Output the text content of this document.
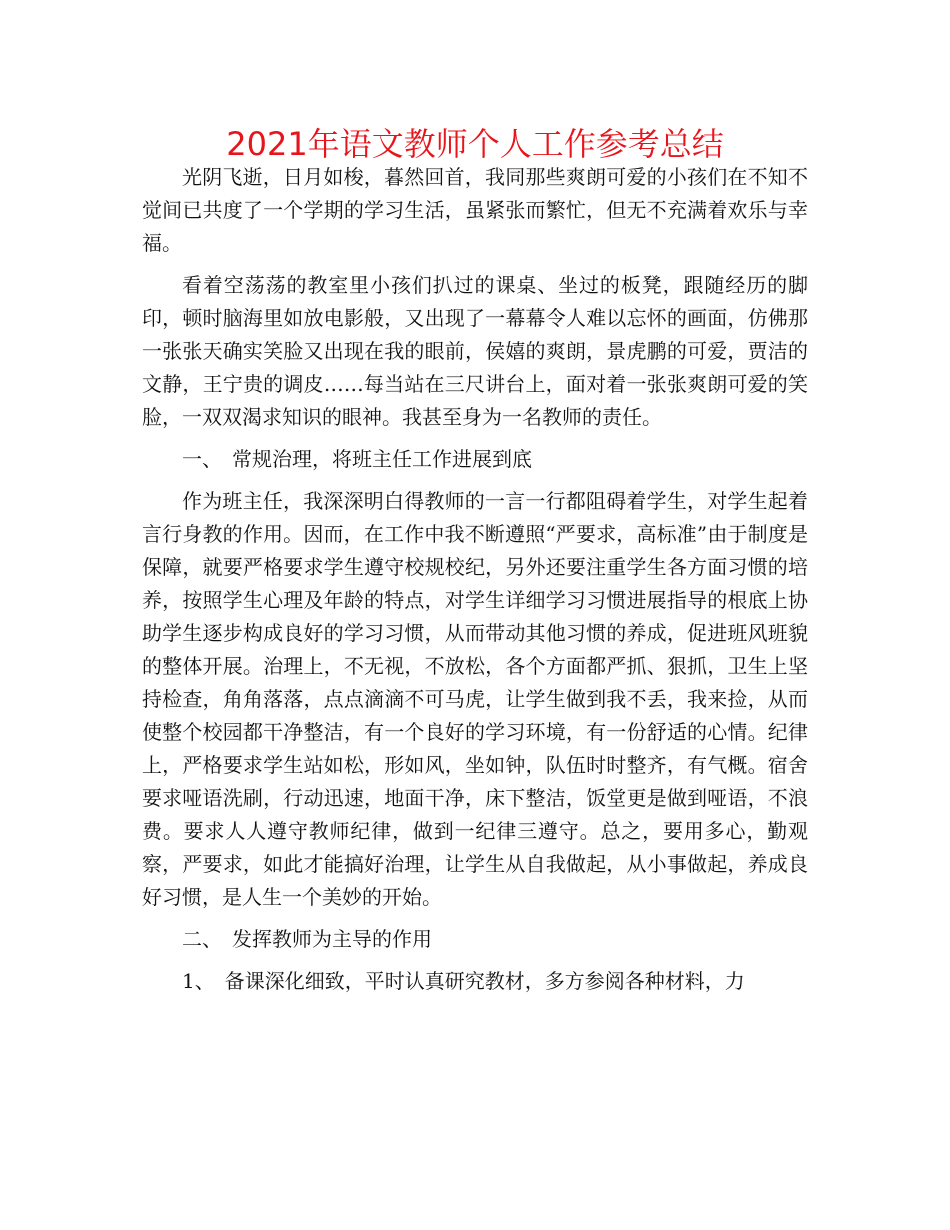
2021年语文教师个人工作参考总结

光阴飞逝，日月如梭，暮然回首，我同那些爽朗可爱的小孩们在不知不觉间已共度了一个学期的学习生活，虽紧张而繁忙，但无不充满着欢乐与幸福。

看着空荡荡的教室里小孩们扒过的课桌、坐过的板凳，跟随经历的脚印，顿时脑海里如放电影般，又出现了一幕幕令人难以忘怀的画面，仿佛那一张张天确实笑脸又出现在我的眼前，侯嬉的爽朗，景虎鹏的可爱，贾洁的文静，王宁贵的调皮……每当站在三尺讲台上，面对着一张张爽朗可爱的笑脸，一双双渴求知识的眼神。我甚至身为一名教师的责任。

一、　常规治理，将班主任工作进展到底

作为班主任，我深深明白得教师的一言一行都阻碍着学生，对学生起着言行身教的作用。因而，在工作中我不断遵照“严要求，高标准”由于制度是保障，就要严格要求学生遵守校规校纪，另外还要注重学生各方面习惯的培养，按照学生心理及年龄的特点，对学生详细学习习惯进展指导的根底上协助学生逐步构成良好的学习习惯，从而带动其他习惯的养成，促进班风班貌的整体开展。治理上，不无视，不放松，各个方面都严抓、狠抓，卫生上坚持检查，角角落落，点点滴滴不可马虎，让学生做到我不丢，我来捡，从而使整个校园都干净整洁，有一个良好的学习环境，有一份舒适的心情。纪律上，严格要求学生站如松，形如风，坐如钟，队伍时时整齐，有气概。宿舍要求哑语洗刷，行动迅速，地面干净，床下整洁，饭堂更是做到哑语，不浪费。要求人人遵守教师纪律，做到一纪律三遵守。总之，要用多心，勤观察，严要求，如此才能搞好治理，让学生从自我做起，从小事做起，养成良好习惯，是人生一个美妙的开始。

二、　发挥教师为主导的作用

1、　备课深化细致，平时认真研究教材，多方参阅各种材料，力
